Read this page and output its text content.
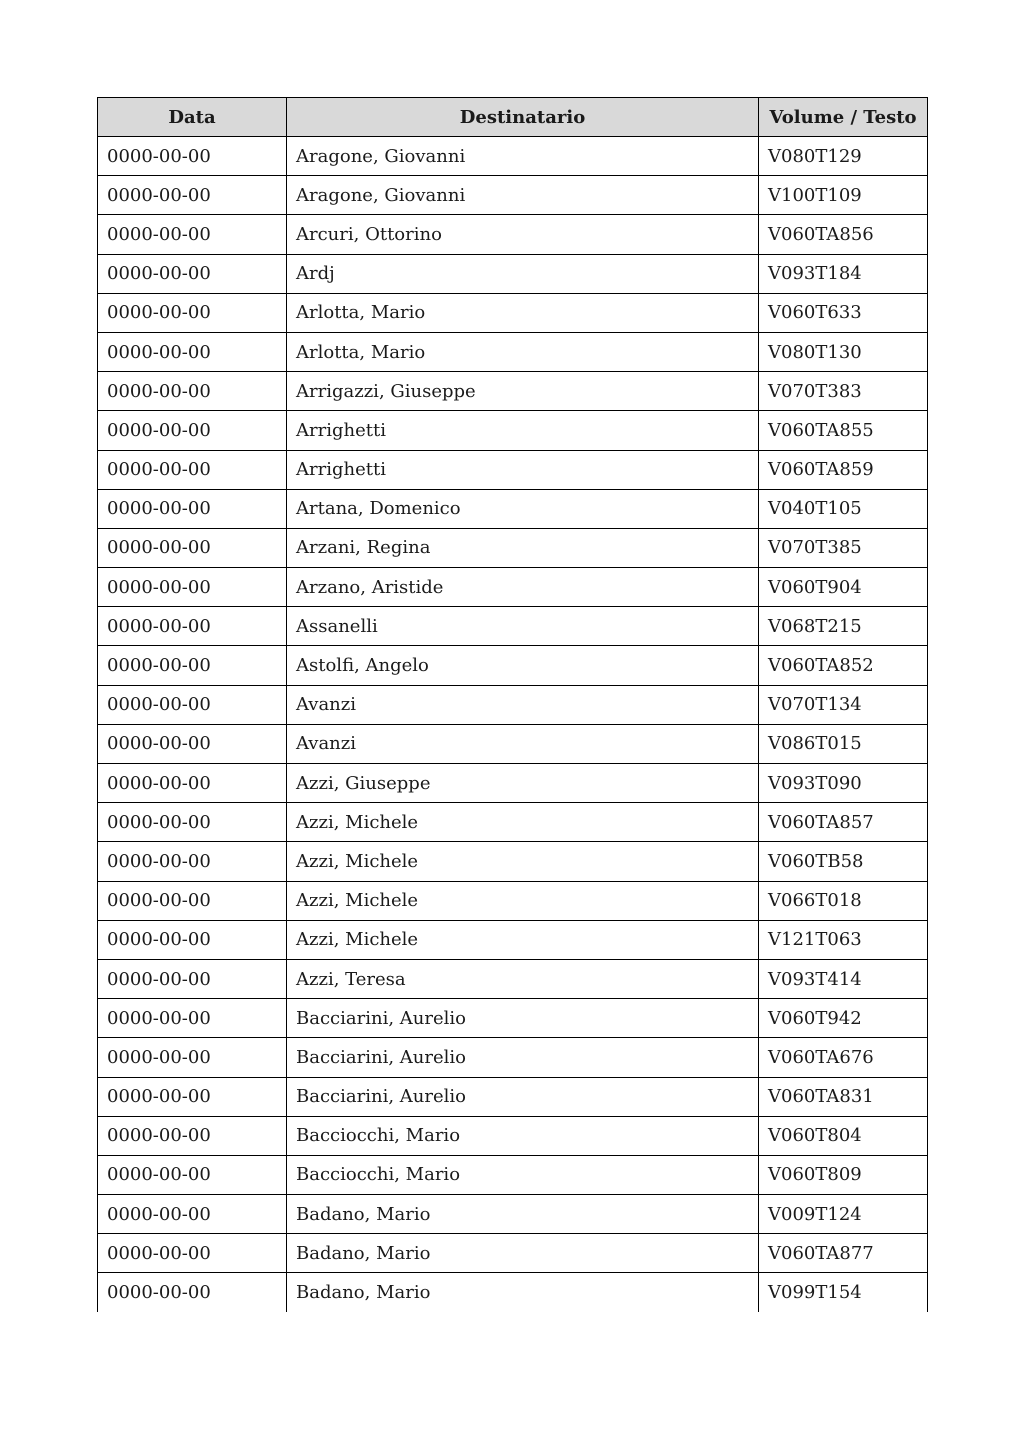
Data	Destinatario	Volume / Testo
0000-00-00	Aragone, Giovanni	V080T129
0000-00-00	Aragone, Giovanni	V100T109
0000-00-00	Arcuri, Ottorino	V060TA856
0000-00-00	Ardj	V093T184
0000-00-00	Arlotta, Mario	V060T633
0000-00-00	Arlotta, Mario	V080T130
0000-00-00	Arrigazzi, Giuseppe	V070T383
0000-00-00	Arrighetti	V060TA855
0000-00-00	Arrighetti	V060TA859
0000-00-00	Artana, Domenico	V040T105
0000-00-00	Arzani, Regina	V070T385
0000-00-00	Arzano, Aristide	V060T904
0000-00-00	Assanelli	V068T215
0000-00-00	Astolfi, Angelo	V060TA852
0000-00-00	Avanzi	V070T134
0000-00-00	Avanzi	V086T015
0000-00-00	Azzi, Giuseppe	V093T090
0000-00-00	Azzi, Michele	V060TA857
0000-00-00	Azzi, Michele	V060TB58
0000-00-00	Azzi, Michele	V066T018
0000-00-00	Azzi, Michele	V121T063
0000-00-00	Azzi, Teresa	V093T414
0000-00-00	Bacciarini, Aurelio	V060T942
0000-00-00	Bacciarini, Aurelio	V060TA676
0000-00-00	Bacciarini, Aurelio	V060TA831
0000-00-00	Bacciocchi, Mario	V060T804
0000-00-00	Bacciocchi, Mario	V060T809
0000-00-00	Badano, Mario	V009T124
0000-00-00	Badano, Mario	V060TA877
0000-00-00	Badano, Mario	V099T154
